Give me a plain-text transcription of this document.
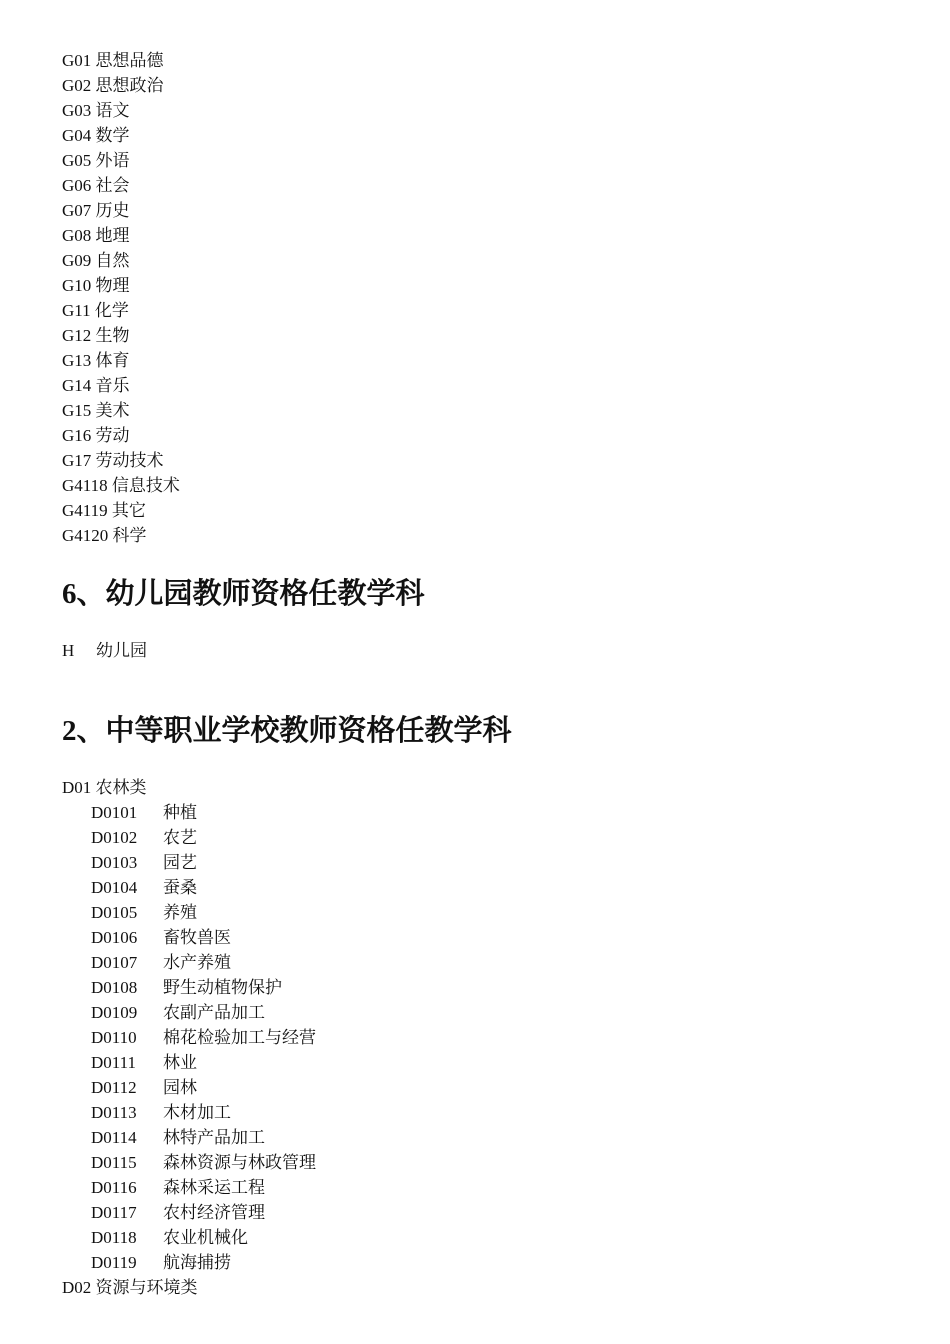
G01 思想品德
G02 思想政治
G03 语文
G04 数学
G05 外语
G06 社会
G07 历史
G08 地理
G09 自然
G10 物理
G11 化学
G12 生物
G13 体育
G14 音乐
G15 美术
G16 劳动
G17 劳动技术
G4118 信息技术
G4119 其它
G4120 科学
6、幼儿园教师资格任教学科
H 幼儿园
2、中等职业学校教师资格任教学科
D01 农林类
D0101 种植
D0102 农艺
D0103 园艺
D0104 蚕桑
D0105 养殖
D0106 畜牧兽医
D0107 水产养殖
D0108 野生动植物保护
D0109 农副产品加工
D0110 棉花检验加工与经营
D0111 林业
D0112 园林
D0113 木材加工
D0114 林特产品加工
D0115 森林资源与林政管理
D0116 森林采运工程
D0117 农村经济管理
D0118 农业机械化
D0119 航海捕捞
D02 资源与环境类
